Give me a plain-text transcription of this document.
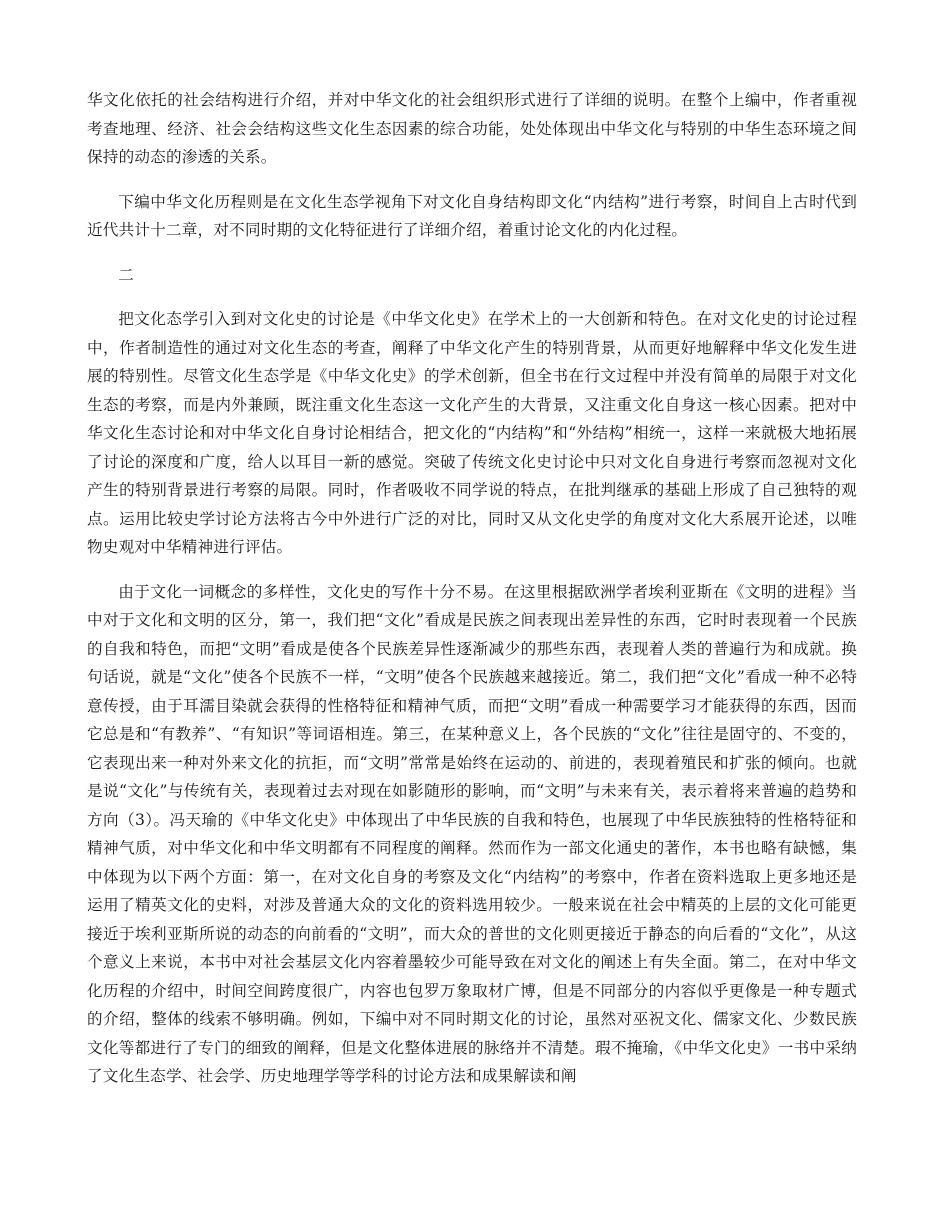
华文化依托的社会结构进行介绍，并对中华文化的社会组织形式进行了详细的说明。在整个上编中，作者重视考查地理、经济、社会会结构这些文化生态因素的综合功能，处处体现出中华文化与特别的中华生态环境之间保持的动态的渗透的关系。

下编中华文化历程则是在文化生态学视角下对文化自身结构即文化“内结构”进行考察，时间自上古时代到近代共计十二章，对不同时期的文化特征进行了详细介绍，着重讨论文化的内化过程。

二

把文化态学引入到对文化史的讨论是《中华文化史》在学术上的一大创新和特色。在对文化史的讨论过程中，作者制造性的通过对文化生态的考查，阐释了中华文化产生的特别背景，从而更好地解释中华文化发生进展的特别性。尽管文化生态学是《中华文化史》的学术创新，但全书在行文过程中并没有简单的局限于对文化生态的考察，而是内外兼顾，既注重文化生态这一文化产生的大背景，又注重文化自身这一核心因素。把对中华文化生态讨论和对中华文化自身讨论相结合，把文化的“内结构”和“外结构”相统一，这样一来就极大地拓展了讨论的深度和广度，给人以耳目一新的感觉。突破了传统文化史讨论中只对文化自身进行考察而忽视对文化产生的特别背景进行考察的局限。同时，作者吸收不同学说的特点，在批判继承的基础上形成了自己独特的观点。运用比较史学讨论方法将古今中外进行广泛的对比，同时又从文化史学的角度对文化大系展开论述，以唯物史观对中华精神进行评估。

由于文化一词概念的多样性，文化史的写作十分不易。在这里根据欧洲学者埃利亚斯在《文明的进程》当中对于文化和文明的区分，第一，我们把“文化”看成是民族之间表现出差异性的东西，它时时表现着一个民族的自我和特色，而把“文明”看成是使各个民族差异性逐渐减少的那些东西，表现着人类的普遍行为和成就。换句话说，就是“文化”使各个民族不一样，“文明”使各个民族越来越接近。第二，我们把“文化”看成一种不必特意传授，由于耳濡目染就会获得的性格特征和精神气质，而把“文明”看成一种需要学习才能获得的东西，因而它总是和“有教养”、“有知识”等词语相连。第三，在某种意义上，各个民族的“文化”往往是固守的、不变的，它表现出来一种对外来文化的抗拒，而“文明”常常是始终在运动的、前进的，表现着殖民和扩张的倾向。也就是说“文化”与传统有关，表现着过去对现在如影随形的影响，而“文明”与未来有关，表示着将来普遍的趋势和方向（3）。冯天瑜的《中华文化史》中体现出了中华民族的自我和特色，也展现了中华民族独特的性格特征和精神气质，对中华文化和中华文明都有不同程度的阐释。然而作为一部文化通史的著作，本书也略有缺憾，集中体现为以下两个方面：第一，在对文化自身的考察及文化“内结构”的考察中，作者在资料选取上更多地还是运用了精英文化的史料，对涉及普通大众的文化的资料选用较少。一般来说在社会中精英的上层的文化可能更接近于埃利亚斯所说的动态的向前看的“文明”，而大众的普世的文化则更接近于静态的向后看的“文化”，从这个意义上来说，本书中对社会基层文化内容着墨较少可能导致在对文化的阐述上有失全面。第二，在对中华文化历程的介绍中，时间空间跨度很广，内容也包罗万象取材广博，但是不同部分的内容似乎更像是一种专题式的介绍，整体的线索不够明确。例如，下编中对不同时期文化的讨论，虽然对巫祝文化、儒家文化、少数民族文化等都进行了专门的细致的阐释，但是文化整体进展的脉络并不清楚。瑕不掩瑜，《中华文化史》一书中采纳了文化生态学、社会学、历史地理学等学科的讨论方法和成果解读和阐
